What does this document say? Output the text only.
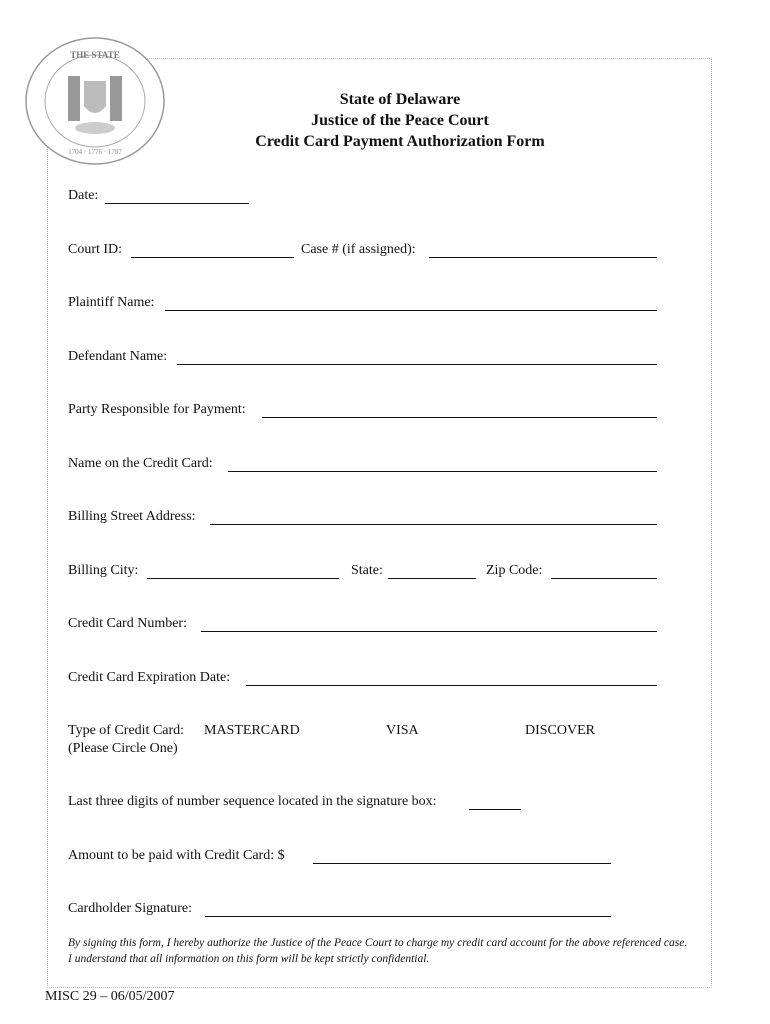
THE STATE
1704 · 1776 · 1787
State of Delaware
Justice of the Peace Court
Credit Card Payment Authorization Form
Date:
Court ID:	Case # (if assigned):
Plaintiff Name:
Defendant Name:
Party Responsible for Payment:
Name on the Credit Card:
Billing Street Address:
Billing City:	State:	Zip Code:
Credit Card Number:
Credit Card Expiration Date:
Type of Credit Card: MASTERCARD	VISA	DISCOVER
(Please Circle One)
Last three digits of number sequence located in the signature box:
Amount to be paid with Credit Card: $
Cardholder Signature:
By signing this form, I hereby authorize the Justice of the Peace Court to charge my credit card account for the above referenced case. I understand that all information on this form will be kept strictly confidential.
MISC 29 – 06/05/2007
